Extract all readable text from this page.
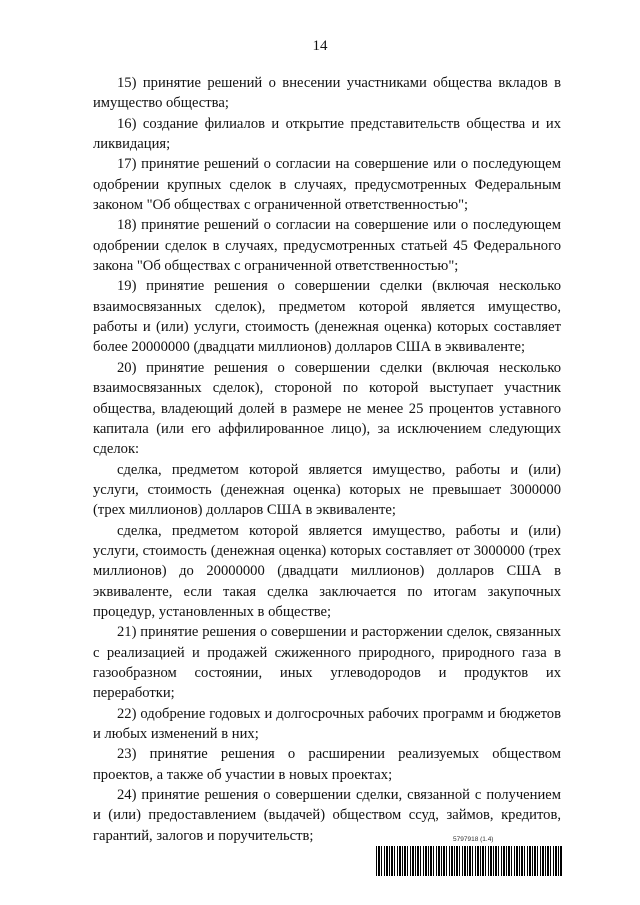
14

15) принятие решений о внесении участниками общества вкладов в имущество общества;

16) создание филиалов и открытие представительств общества и их ликвидация;

17) принятие решений о согласии на совершение или о последующем одобрении крупных сделок в случаях, предусмотренных Федеральным законом "Об обществах с ограниченной ответственностью";

18) принятие решений о согласии на совершение или о последующем одобрении сделок в случаях, предусмотренных статьей 45 Федерального закона "Об обществах с ограниченной ответственностью";

19) принятие решения о совершении сделки (включая несколько взаимосвязанных сделок), предметом которой является имущество, работы и (или) услуги, стоимость (денежная оценка) которых составляет более 20000000 (двадцати миллионов) долларов США в эквиваленте;

20) принятие решения о совершении сделки (включая несколько взаимосвязанных сделок), стороной по которой выступает участник общества, владеющий долей в размере не менее 25 процентов уставного капитала (или его аффилированное лицо), за исключением следующих сделок:

сделка, предметом которой является имущество, работы и (или) услуги, стоимость (денежная оценка) которых не превышает 3000000 (трех миллионов) долларов США в эквиваленте;

сделка, предметом которой является имущество, работы и (или) услуги, стоимость (денежная оценка) которых составляет от 3000000 (трех миллионов) до 20000000 (двадцати миллионов) долларов США в эквиваленте, если такая сделка заключается по итогам закупочных процедур, установленных в обществе;

21) принятие решения о совершении и расторжении сделок, связанных с реализацией и продажей сжиженного природного, природного газа в газообразном состоянии, иных углеводородов и продуктов их переработки;

22) одобрение годовых и долгосрочных рабочих программ и бюджетов и любых изменений в них;

23) принятие решения о расширении реализуемых обществом проектов, а также об участии в новых проектах;

24) принятие решения о совершении сделки, связанной с получением и (или) предоставлением (выдачей) обществом ссуд, займов, кредитов, гарантий, залогов и поручительств;	5797918 (1.4)
